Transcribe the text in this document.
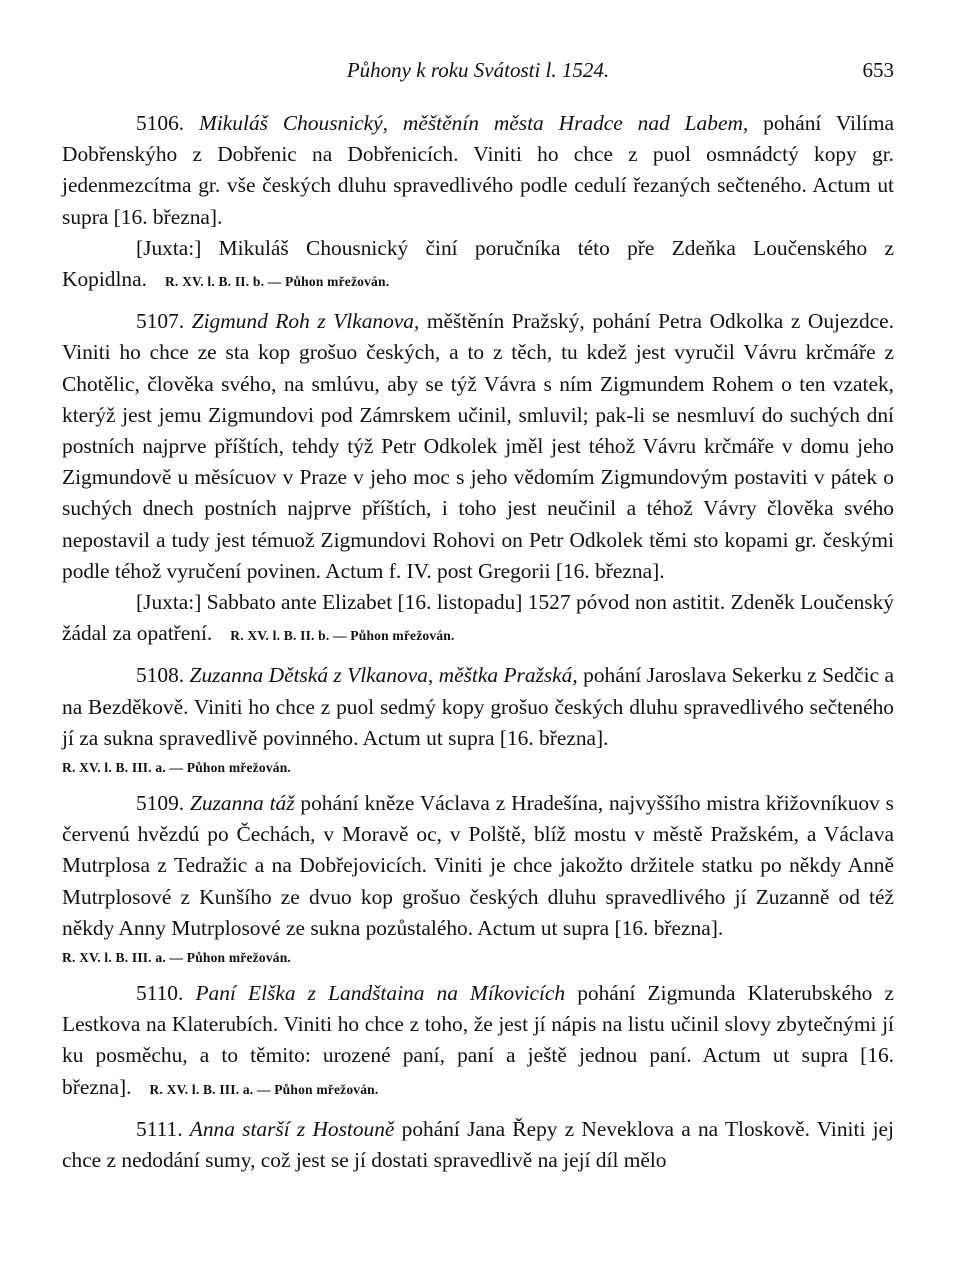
Půhony k roku Svátosti l. 1524.	653

5106. Mikuláš Chousnický, měštěnín města Hradce nad Labem, pohání Vilíma Dobřenskýho z Dobřenic na Dobřenicích. Viniti ho chce z puol osmnádctý kopy gr. jedenmezcítma gr. vše českých dluhu spravedlivého podle cedulí řezaných sečteného. Actum ut supra [16. března].

[Juxta:] Mikuláš Chousnický činí poručníka této pře Zdeňka Loučenského z Kopidlna. R. XV. l. B. II. b. — Půhon mřežován.

5107. Zigmund Roh z Vlkanova, měštěnín Pražský, pohání Petra Odkolka z Oujezdce. Viniti ho chce ze sta kop grošuo českých, a to z těch, tu kdež jest vyručil Vávru krčmáře z Chotělic, člověka svého, na smlúvu, aby se týž Vávra s ním Zigmundem Rohem o ten vzatek, kterýž jest jemu Zigmundovi pod Zámrskem učinil, smluvil; pak-li se nesmluví do suchých dní postních najprve příštích, tehdy týž Petr Odkolek jměl jest téhož Vávru krčmáře v domu jeho Zigmundově u měsícuov v Praze v jeho moc s jeho vědomím Zigmundovým postaviti v pátek o suchých dnech postních najprve příštích, i toho jest neučinil a téhož Vávry člověka svého nepostavil a tudy jest témuož Zigmundovi Rohovi on Petr Odkolek těmi sto kopami gr. českými podle téhož vyručení povinen. Actum f. IV. post Gregorii [16. března].

[Juxta:] Sabbato ante Elizabet [16. listopadu] 1527 póvod non astitit. Zdeněk Loučenský žádal za opatření. R. XV. l. B. II. b. — Půhon mřežován.

5108. Zuzanna Dětská z Vlkanova, měštka Pražská, pohání Jaroslava Sekerku z Sedčic a na Bezděkově. Viniti ho chce z puol sedmý kopy grošuo českých dluhu spravedlivého sečteného jí za sukna spravedlivě povinného. Actum ut supra [16. března].

R. XV. l. B. III. a. — Půhon mřežován.

5109. Zuzanna táž pohání kněze Václava z Hradešína, najvyššího mistra křižovníkuov s červenú hvězdú po Čechách, v Moravě oc, v Polště, blíž mostu v městě Pražském, a Václava Mutrplosa z Tedražic a na Dobřejovicích. Viniti je chce jakožto držitele statku po někdy Anně Mutrplosové z Kunšího ze dvuo kop grošuo českých dluhu spravedlivého jí Zuzanně od též někdy Anny Mutrplosové ze sukna pozůstalého. Actum ut supra [16. března].

R. XV. l. B. III. a. — Půhon mřežován.

5110. Paní Elška z Landštaina na Míkovicích pohání Zigmunda Klaterubského z Lestkova na Klaterubích. Viniti ho chce z toho, že jest jí nápis na listu učinil slovy zbytečnými jí ku posměchu, a to těmito: urozené paní, paní a ještě jednou paní. Actum ut supra [16. března]. R. XV. l. B. III. a. — Půhon mřežován.

5111. Anna starší z Hostouně pohání Jana Řepy z Neveklova a na Tloskově. Viniti jej chce z nedodání sumy, což jest se jí dostati spravedlivě na její díl mělo
